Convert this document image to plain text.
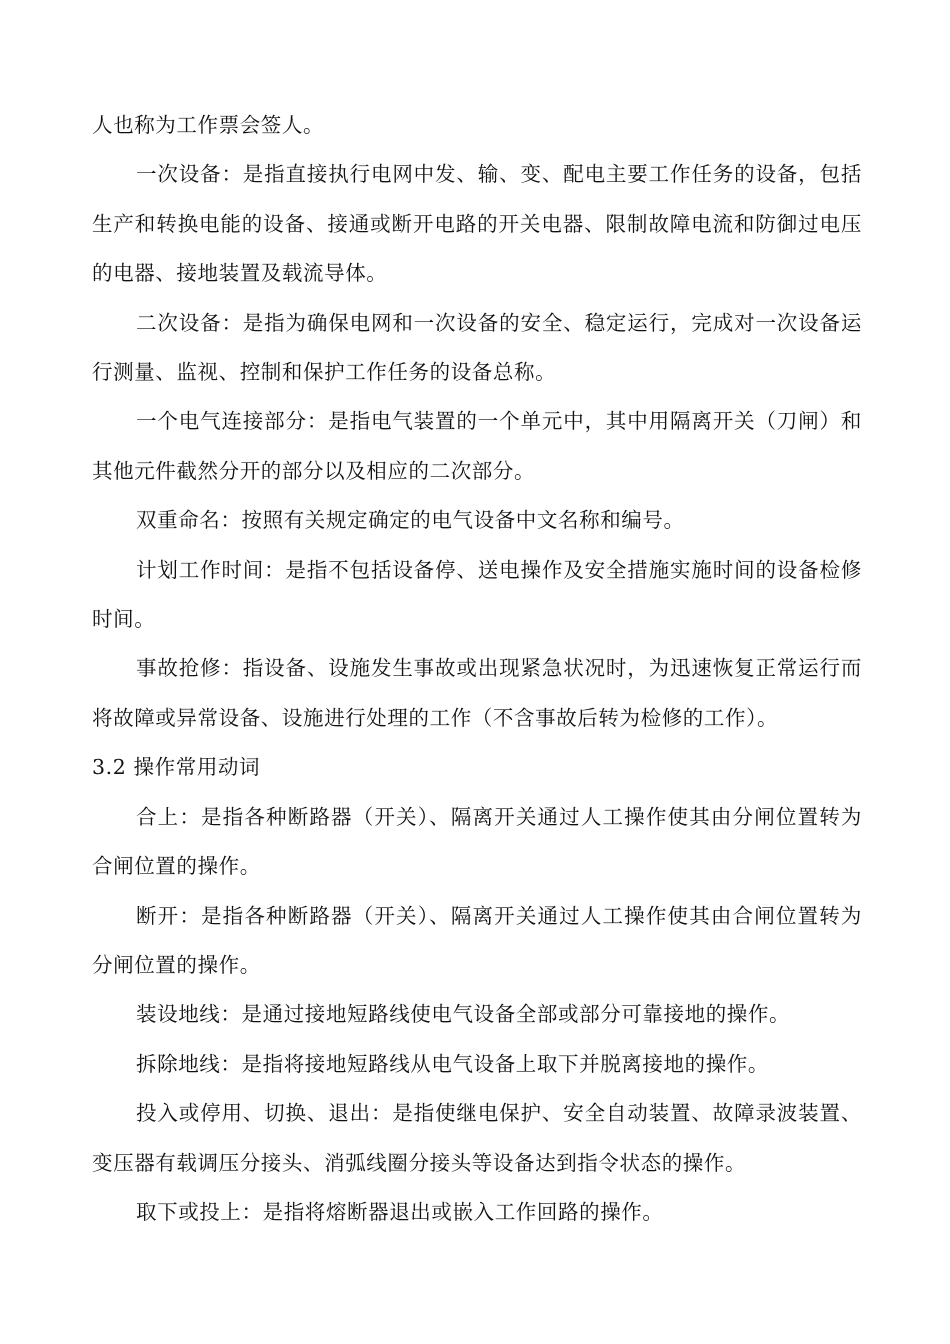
人也称为工作票会签人。

一次设备：是指直接执行电网中发、输、变、配电主要工作任务的设备，包括生产和转换电能的设备、接通或断开电路的开关电器、限制故障电流和防御过电压的电器、接地装置及载流导体。

二次设备：是指为确保电网和一次设备的安全、稳定运行，完成对一次设备运行测量、监视、控制和保护工作任务的设备总称。

一个电气连接部分：是指电气装置的一个单元中，其中用隔离开关（刀闸）和其他元件截然分开的部分以及相应的二次部分。

双重命名：按照有关规定确定的电气设备中文名称和编号。

计划工作时间：是指不包括设备停、送电操作及安全措施实施时间的设备检修时间。

事故抢修：指设备、设施发生事故或出现紧急状况时，为迅速恢复正常运行而将故障或异常设备、设施进行处理的工作（不含事故后转为检修的工作）。

3.2 操作常用动词

合上：是指各种断路器（开关）、隔离开关通过人工操作使其由分闸位置转为合闸位置的操作。

断开：是指各种断路器（开关）、隔离开关通过人工操作使其由合闸位置转为分闸位置的操作。

装设地线：是通过接地短路线使电气设备全部或部分可靠接地的操作。

拆除地线：是指将接地短路线从电气设备上取下并脱离接地的操作。

投入或停用、切换、退出：是指使继电保护、安全自动装置、故障录波装置、变压器有载调压分接头、消弧线圈分接头等设备达到指令状态的操作。

取下或投上：是指将熔断器退出或嵌入工作回路的操作。
